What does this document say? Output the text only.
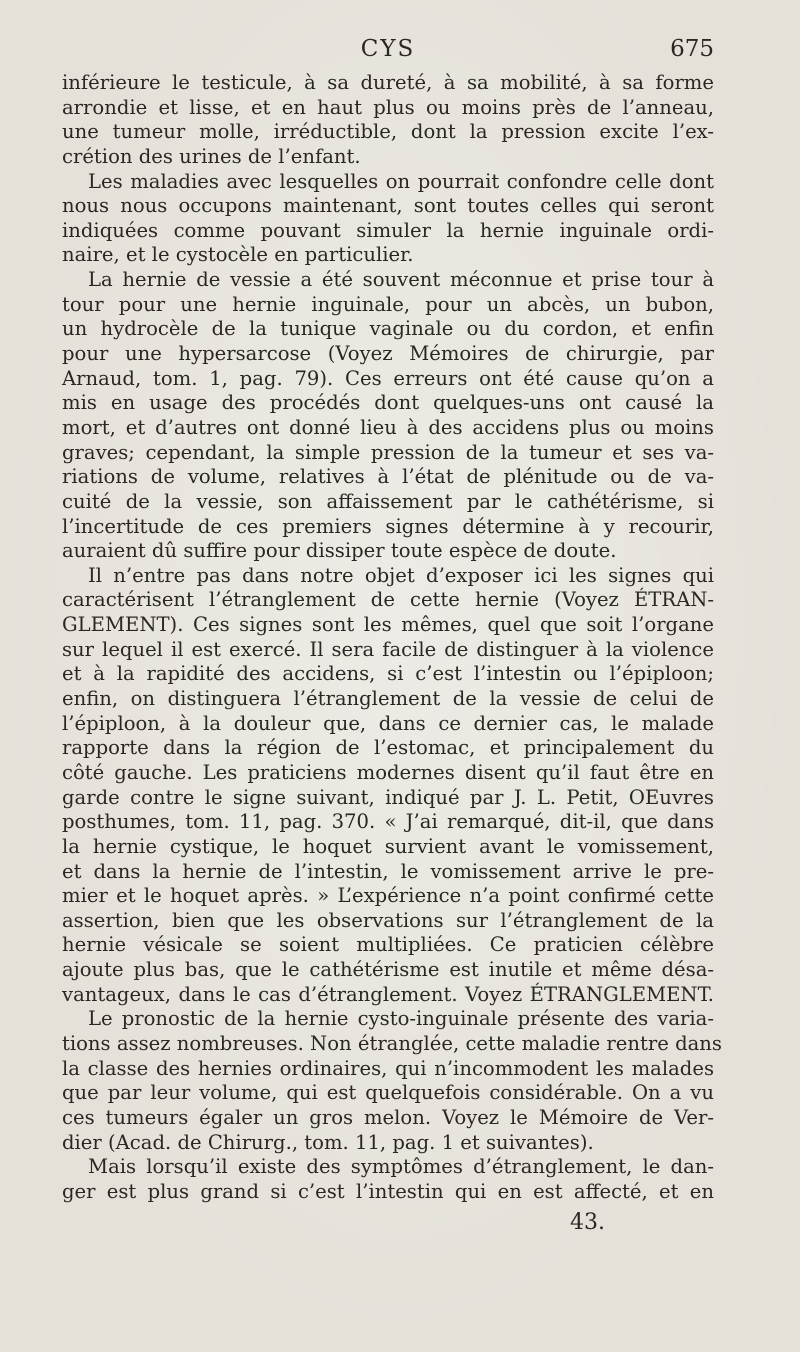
CYS	675
inférieure le testicule, à sa dureté, à sa mobilité, à sa forme
arrondie et lisse, et en haut plus ou moins près de l’anneau,
une tumeur molle, irréductible, dont la pression excite l’ex-
crétion des urines de l’enfant.
Les maladies avec lesquelles on pourrait confondre celle dont
nous nous occupons maintenant, sont toutes celles qui seront
indiquées comme pouvant simuler la hernie inguinale ordi-
naire, et le cystocèle en particulier.
La hernie de vessie a été souvent méconnue et prise tour à
tour pour une hernie inguinale, pour un abcès, un bubon,
un hydrocèle de la tunique vaginale ou du cordon, et enfin
pour une hypersarcose (Voyez Mémoires de chirurgie, par
Arnaud, tom. 1, pag. 79). Ces erreurs ont été cause qu’on a
mis en usage des procédés dont quelques-uns ont causé la
mort, et d’autres ont donné lieu à des accidens plus ou moins
graves; cependant, la simple pression de la tumeur et ses va-
riations de volume, relatives à l’état de plénitude ou de va-
cuité de la vessie, son affaissement par le cathétérisme, si
l’incertitude de ces premiers signes détermine à y recourir,
auraient dû suffire pour dissiper toute espèce de doute.
Il n’entre pas dans notre objet d’exposer ici les signes qui
caractérisent l’étranglement de cette hernie (Voyez ÉTRAN-
GLEMENT). Ces signes sont les mêmes, quel que soit l’organe
sur lequel il est exercé. Il sera facile de distinguer à la violence
et à la rapidité des accidens, si c’est l’intestin ou l’épiploon;
enfin, on distinguera l’étranglement de la vessie de celui de
l’épiploon, à la douleur que, dans ce dernier cas, le malade
rapporte dans la région de l’estomac, et principalement du
côté gauche. Les praticiens modernes disent qu’il faut être en
garde contre le signe suivant, indiqué par J. L. Petit, OEuvres
posthumes, tom. 11, pag. 370. « J’ai remarqué, dit-il, que dans
la hernie cystique, le hoquet survient avant le vomissement,
et dans la hernie de l’intestin, le vomissement arrive le pre-
mier et le hoquet après. » L’expérience n’a point confirmé cette
assertion, bien que les observations sur l’étranglement de la
hernie vésicale se soient multipliées. Ce praticien célèbre
ajoute plus bas, que le cathétérisme est inutile et même désa-
vantageux, dans le cas d’étranglement. Voyez ÉTRANGLEMENT.
Le pronostic de la hernie cysto-inguinale présente des varia-
tions assez nombreuses. Non étranglée, cette maladie rentre dans
la classe des hernies ordinaires, qui n’incommodent les malades
que par leur volume, qui est quelquefois considérable. On a vu
ces tumeurs égaler un gros melon. Voyez le Mémoire de Ver-
dier (Acad. de Chirurg., tom. 11, pag. 1 et suivantes).
Mais lorsqu’il existe des symptômes d’étranglement, le dan-
ger est plus grand si c’est l’intestin qui en est affecté, et en
43.
